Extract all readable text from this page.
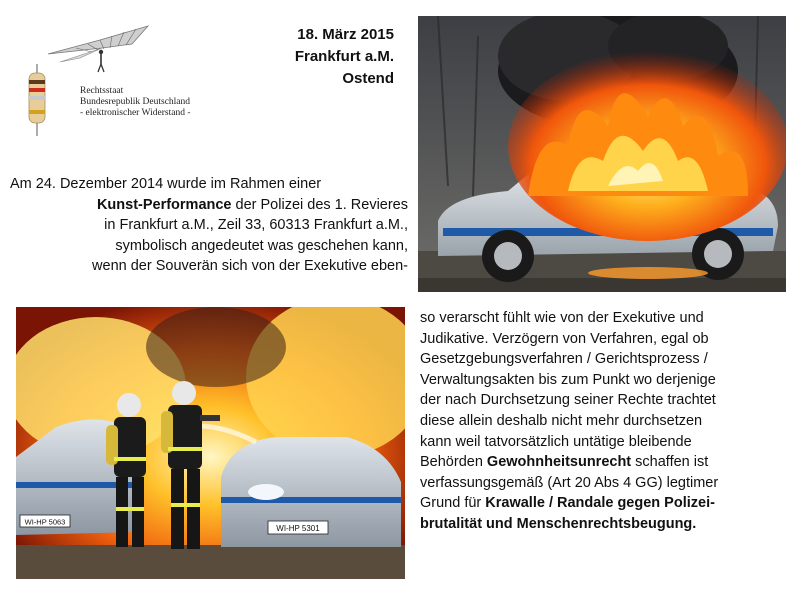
Rechtsstaat
Bundesrepublik Deutschland
- elektronischer Widerstand -
18. März 2015
Frankfurt a.M.
Ostend
Am 24. Dezember 2014 wurde im Rahmen einer
Kunst-Performance der Polizei des 1. Revieres
in Frankfurt a.M., Zeil 33, 60313 Frankfurt a.M.,
symbolisch angedeutet was geschehen kann,
wenn der Souverän sich von der Exekutive eben-
WI-HP 5063
WI-HP 5301
so verarscht fühlt wie von der Exekutive und
Judikative. Verzögern von Verfahren, egal ob
Gesetzgebungsverfahren / Gerichtsprozess /
Verwaltungsakten bis zum Punkt wo derjenige
der nach Durchsetzung seiner Rechte trachtet
diese allein deshalb nicht mehr durchsetzen
kann weil tatvorsätzlich untätige bleibende
Behörden Gewohnheitsunrecht schaffen ist
verfassungsgemäß (Art 20 Abs 4 GG) legtimer
Grund für Krawalle / Randale gegen Polizei-
brutalität und Menschenrechtsbeugung.
